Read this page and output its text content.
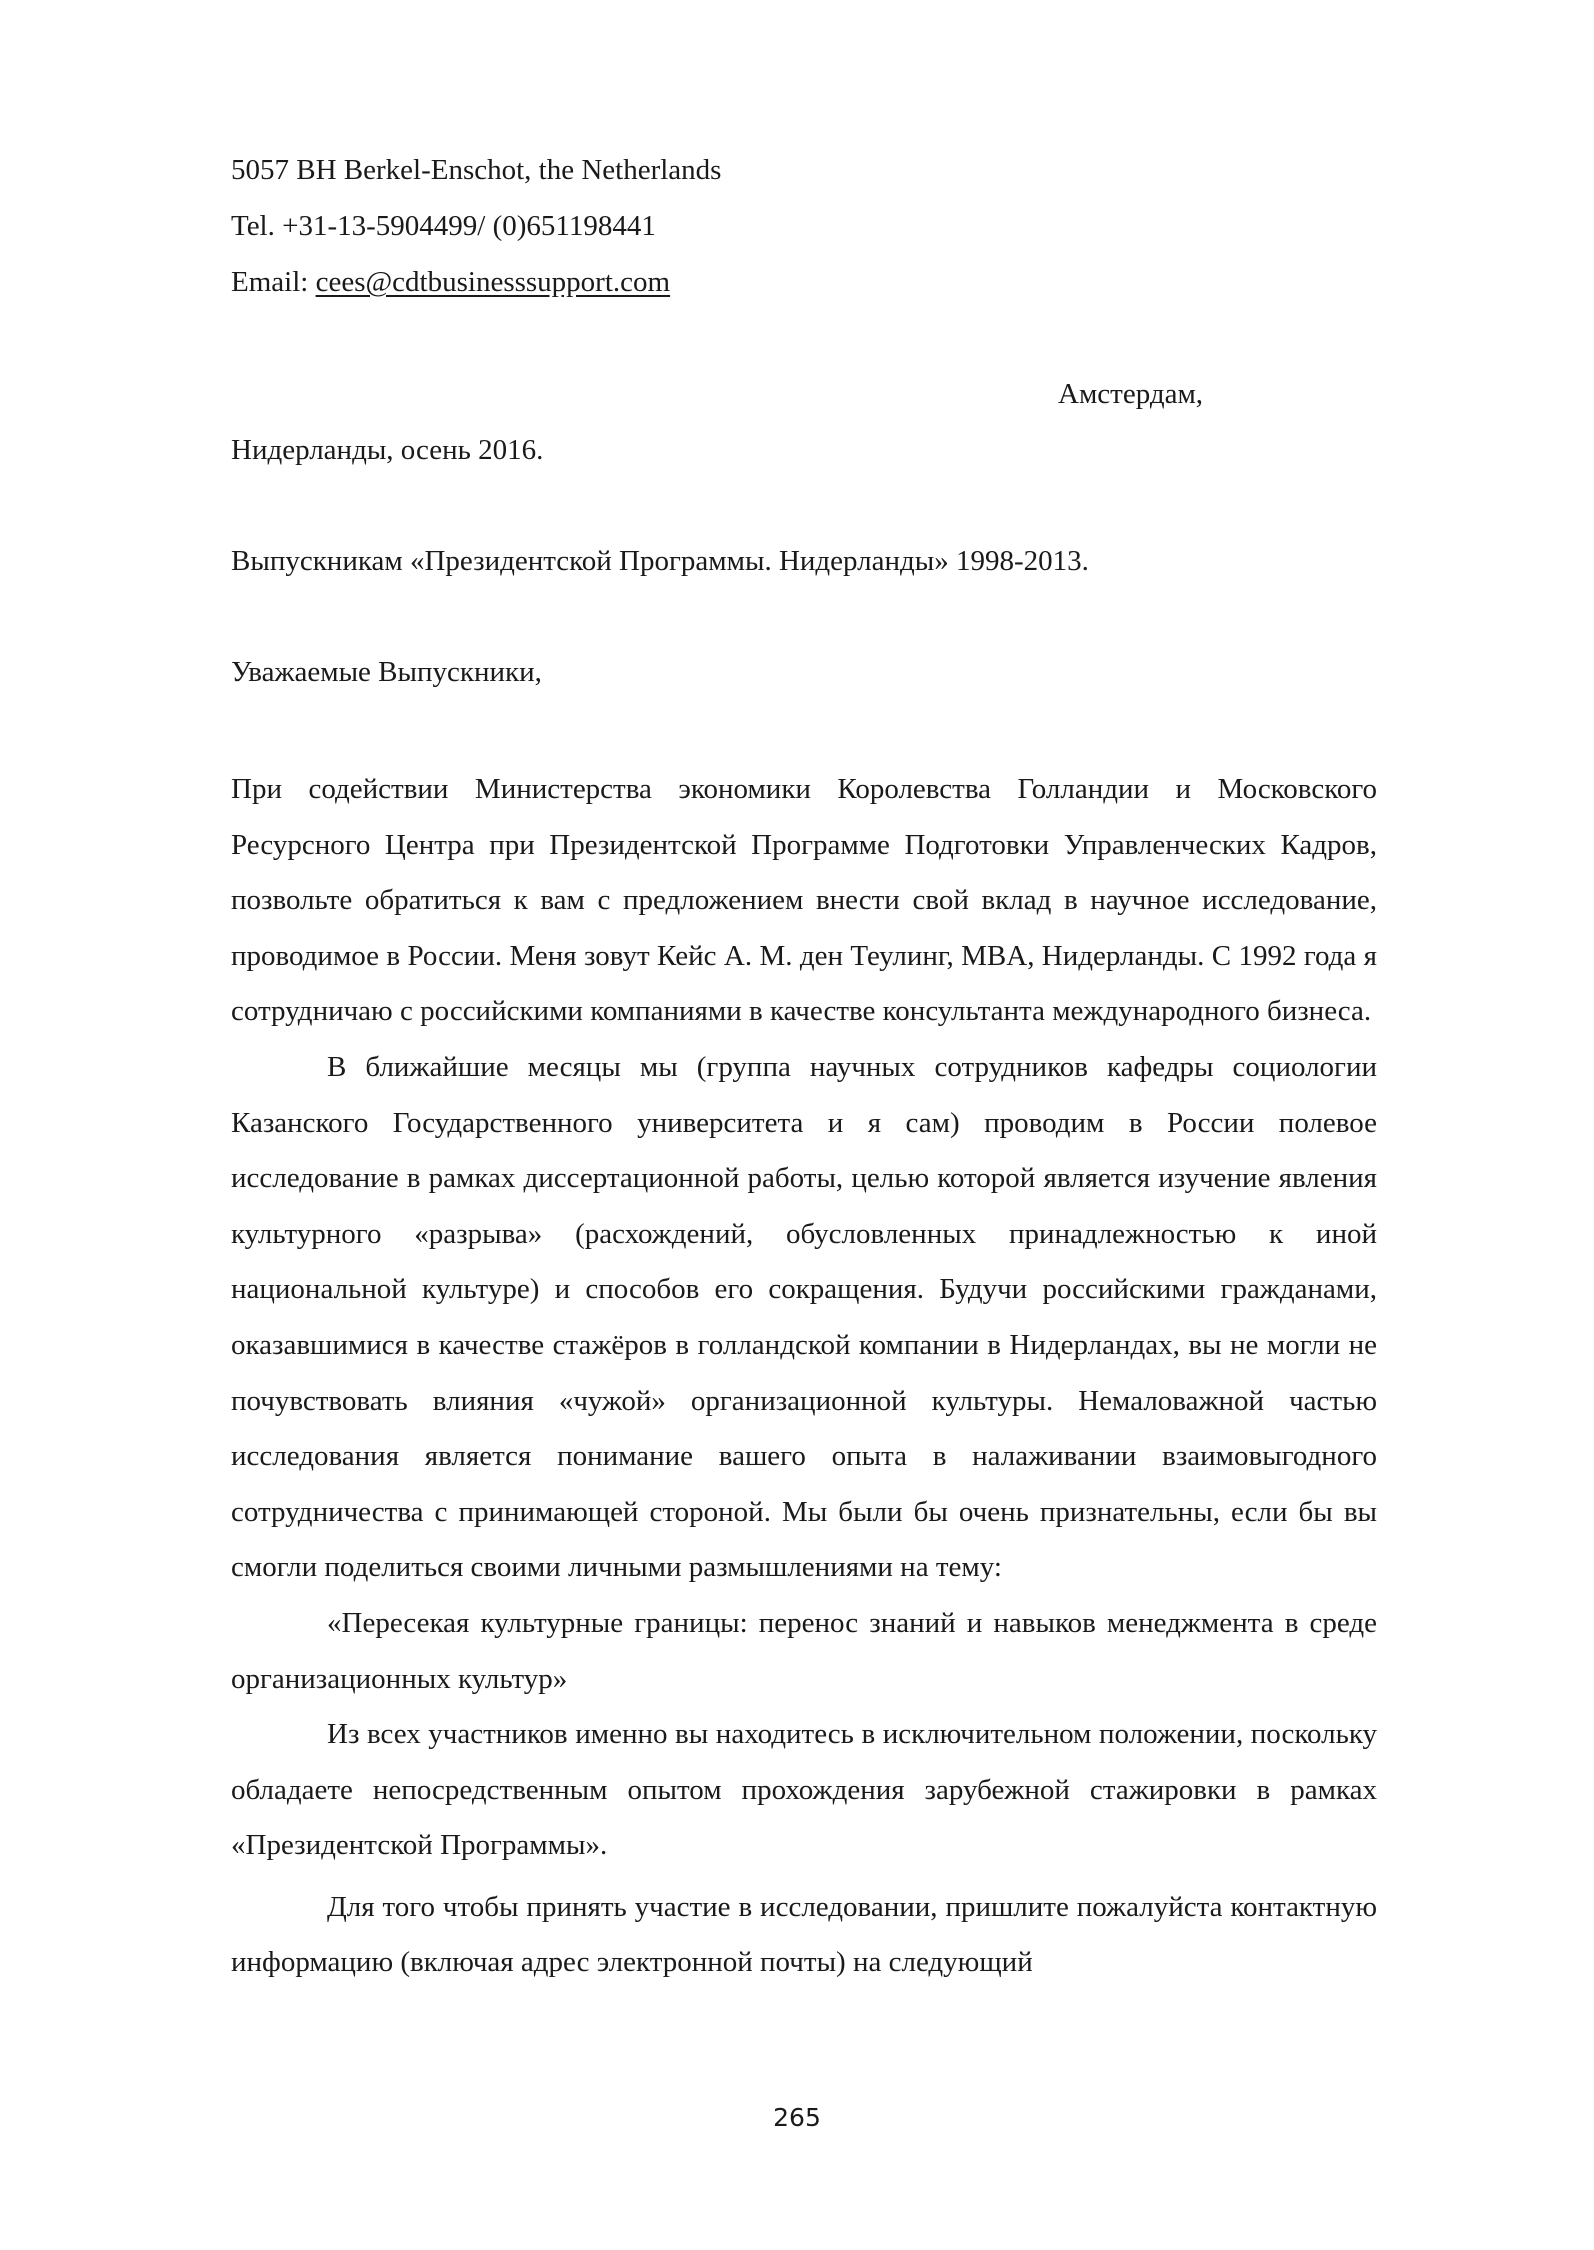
5057 BH Berkel-Enschot, the Netherlands
Tel. +31-13-5904499/ (0)651198441
Email: cees@cdtbusinesssupport.com
Амстердам,
Нидерланды, осень 2016.
Выпускникам «Президентской Программы. Нидерланды» 1998-2013.
Уважаемые Выпускники,

При содействии Министерства экономики Королевства Голландии и Московского Ресурсного Центра при Президентской Программе Подготовки Управленческих Кадров, позвольте обратиться к вам с предложением внести свой вклад в научное исследование, проводимое в России. Меня зовут Кейс А. М. ден Теулинг, MBA, Нидерланды. С 1992 года я сотрудничаю с российскими компаниями в качестве консультанта международного бизнеса.

В ближайшие месяцы мы (группа научных сотрудников кафедры социологии Казанского Государственного университета и я сам) проводим в России полевое исследование в рамках диссертационной работы, целью которой является изучение явления культурного «разрыва» (расхождений, обусловленных принадлежностью к иной национальной культуре) и способов его сокращения. Будучи российскими гражданами, оказавшимися в качестве стажёров в голландской компании в Нидерландах, вы не могли не почувствовать влияния «чужой» организационной культуры. Немаловажной частью исследования является понимание вашего опыта в налаживании взаимовыгодного сотрудничества с принимающей стороной. Мы были бы очень признательны, если бы вы смогли поделиться своими личными размышлениями на тему:

«Пересекая культурные границы: перенос знаний и навыков менеджмента в среде организационных культур»

Из всех участников именно вы находитесь в исключительном положении, поскольку обладаете непосредственным опытом прохождения зарубежной стажировки в рамках «Президентской Программы».

Для того чтобы принять участие в исследовании, пришлите пожалуйста контактную информацию (включая адрес электронной почты) на следующий

265
